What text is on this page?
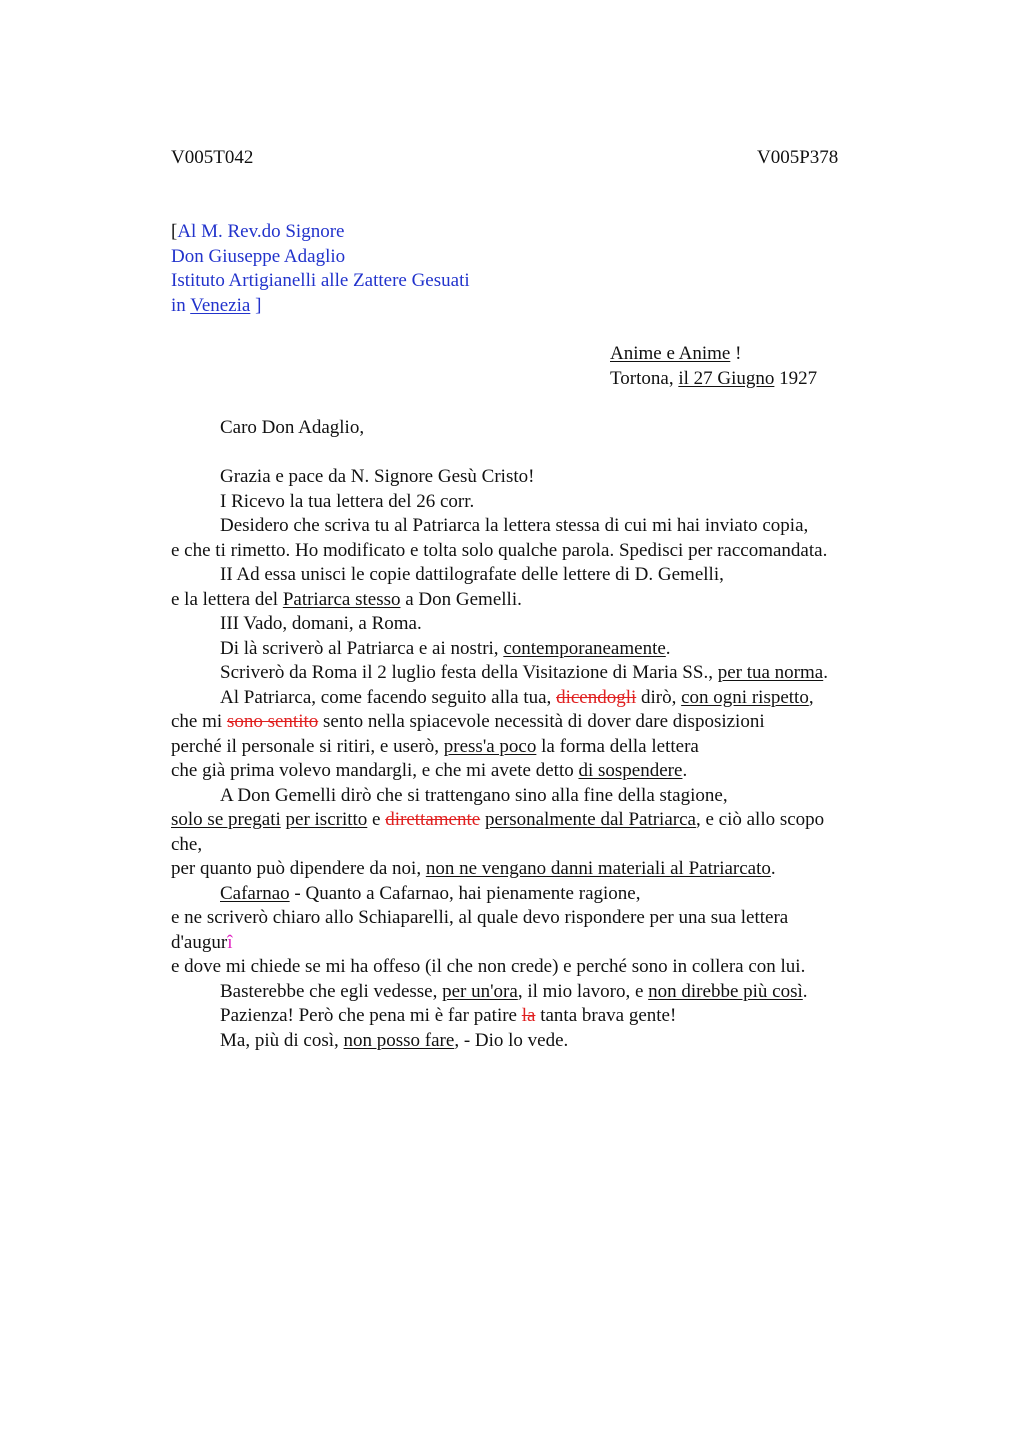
V005T042	V005P378
[Al M. Rev.do Signore
Don Giuseppe Adaglio
Istituto Artigianelli alle Zattere Gesuati
in Venezia ]
Anime e Anime !
Tortona, il 27 Giugno 1927
Caro Don Adaglio,
Grazia e pace da N. Signore Gesù Cristo!
I Ricevo la tua lettera del 26 corr.
Desidero che scriva tu al Patriarca la lettera stessa di cui mi hai inviato copia,
e che ti rimetto. Ho modificato e tolta solo qualche parola. Spedisci per raccomandata.
II Ad essa unisci le copie dattilografate delle lettere di D. Gemelli,
e la lettera del Patriarca stesso a Don Gemelli.
III Vado, domani, a Roma.
Di là scriverò al Patriarca e ai nostri, contemporaneamente.
Scriverò da Roma il 2 luglio festa della Visitazione di Maria SS., per tua norma.
Al Patriarca, come facendo seguito alla tua, dicendogli dirò, con ogni rispetto,
che mi sono sentito sento nella spiacevole necessità di dover dare disposizioni
perché il personale si ritiri, e userò, press'a poco la forma della lettera
che già prima volevo mandargli, e che mi avete detto di sospendere.
A Don Gemelli dirò che si trattengano sino alla fine della stagione,
solo se pregati per iscritto e direttamente personalmente dal Patriarca, e ciò allo scopo
che,
per quanto può dipendere da noi, non ne vengano danni materiali al Patriarcato.
Cafarnao - Quanto a Cafarnao, hai pienamente ragione,
e ne scriverò chiaro allo Schiaparelli, al quale devo rispondere per una sua lettera
d'augurî
e dove mi chiede se mi ha offeso (il che non crede) e perché sono in collera con lui.
Basterebbe che egli vedesse, per un'ora, il mio lavoro, e non direbbe più così.
Pazienza! Però che pena mi è far patire la tanta brava gente!
Ma, più di così, non posso fare, - Dio lo vede.
